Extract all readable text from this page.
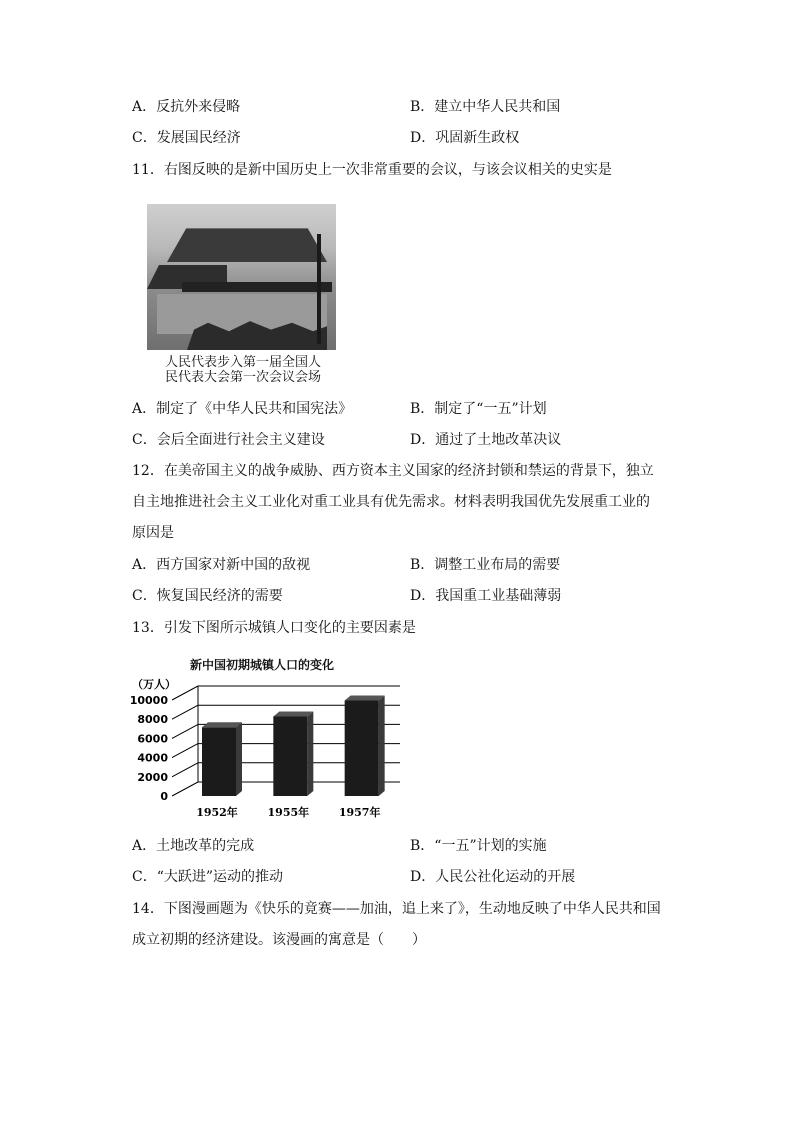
A．反抗外来侵略	B．建立中华人民共和国
C．发展国民经济	D．巩固新生政权
11．右图反映的是新中国历史上一次非常重要的会议，与该会议相关的史实是
人民代表步入第一届全国人
民代表大会第一次会议会场
A．制定了《中华人民共和国宪法》	B．制定了“一五”计划
C．会后全面进行社会主义建设	D．通过了土地改革决议
12．在美帝国主义的战争威胁、西方资本主义国家的经济封锁和禁运的背景下，独立
自主地推进社会主义工业化对重工业具有优先需求。材料表明我国优先发展重工业的
原因是
A．西方国家对新中国的敌视	B．调整工业布局的需要
C．恢复国民经济的需要	D．我国重工业基础薄弱
13．引发下图所示城镇人口变化的主要因素是
新中国初期城镇人口的变化
（万人）
0
2000
4000
6000
8000
10000
1952年	1955年	1957年
A．土地改革的完成	B．“一五”计划的实施
C．“大跃进”运动的推动	D．人民公社化运动的开展
14．下图漫画题为《快乐的竟赛——加油，追上来了》，生动地反映了中华人民共和国
成立初期的经济建设。该漫画的寓意是（　　）
